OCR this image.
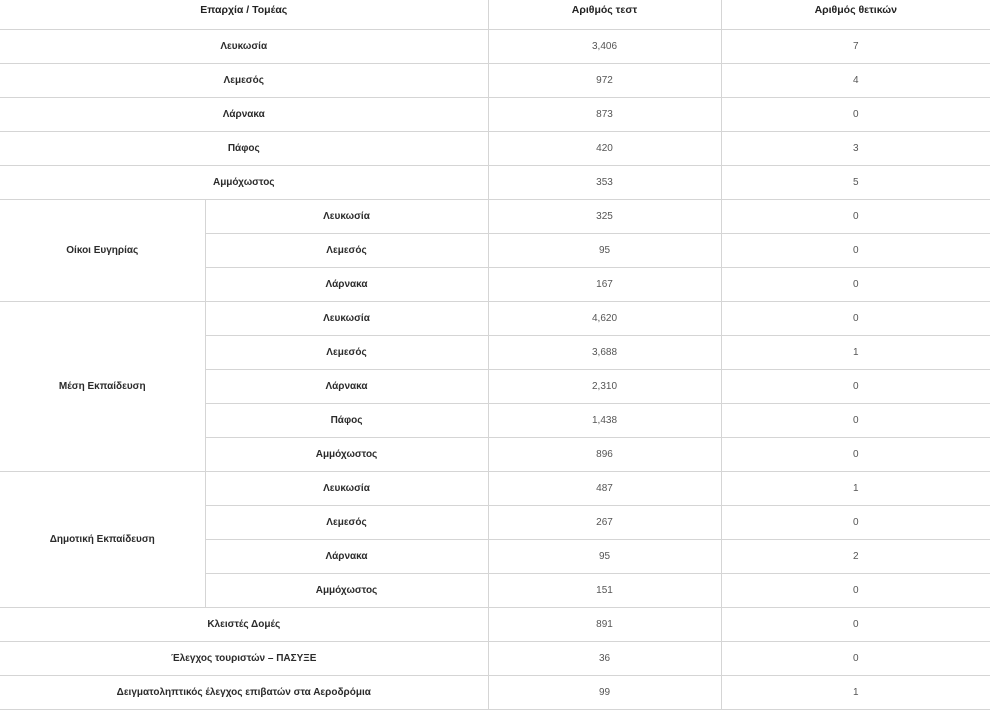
Επαρχία / Τομέας		Αριθμός τεστ	Αριθμός θετικών
Λευκωσία		3,406	7
Λεμεσός		972	4
Λάρνακα		873	0
Πάφος		420	3
Αμμόχωστος		353	5
Οίκοι Ευγηρίας	Λευκωσία	325	0
	Λεμεσός	95	0
	Λάρνακα	167	0
Μέση Εκπαίδευση	Λευκωσία	4,620	0
	Λεμεσός	3,688	1
	Λάρνακα	2,310	0
	Πάφος	1,438	0
	Αμμόχωστος	896	0
Δημοτική Εκπαίδευση	Λευκωσία	487	1
	Λεμεσός	267	0
	Λάρνακα	95	2
	Αμμόχωστος	151	0
Κλειστές Δομές		891	0
Έλεγχος τουριστών – ΠΑΣΥΞΕ		36	0
Δειγματοληπτικός έλεγχος επιβατών στα Αεροδρόμια		99	1
